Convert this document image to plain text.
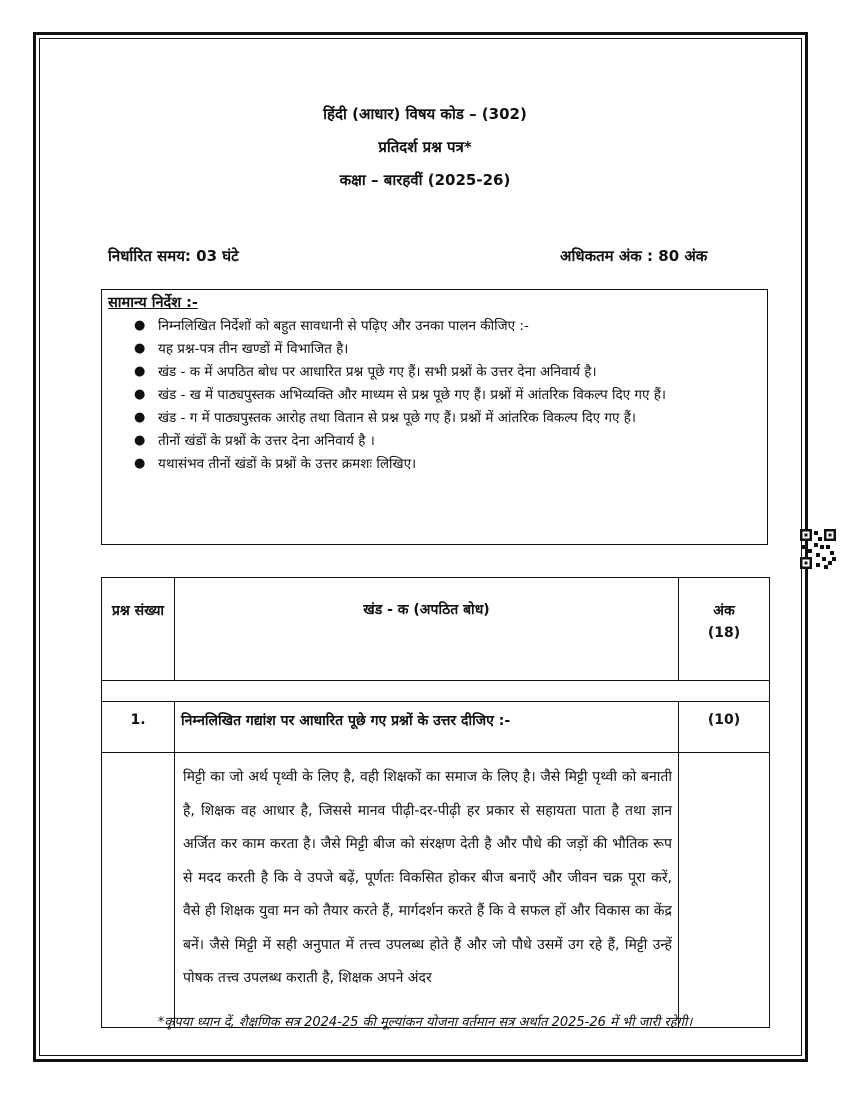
हिंदी (आधार) विषय कोड – (302)
प्रतिदर्श प्रश्न पत्र*
कक्षा – बारहवीं (2025-26)
निर्धारित समय: 03 घंटे	अधिकतम अंक : 80 अंक
सामान्य निर्देश :-
● निम्नलिखित निर्देशों को बहुत सावधानी से पढ़िए और उनका पालन कीजिए :-
● यह प्रश्न-पत्र तीन खण्डों में विभाजित है।
● खंड - क में अपठित बोध पर आधारित प्रश्न पूछे गए हैं। सभी प्रश्नों के उत्तर देना अनिवार्य है।
● खंड - ख में पाठ्यपुस्तक अभिव्यक्ति और माध्यम से प्रश्न पूछे गए हैं। प्रश्नों में आंतरिक विकल्प दिए गए हैं।
● खंड - ग में पाठ्यपुस्तक आरोह तथा वितान से प्रश्न पूछे गए हैं। प्रश्नों में आंतरिक विकल्प दिए गए हैं।
● तीनों खंडों के प्रश्नों के उत्तर देना अनिवार्य है ।
● यथासंभव तीनों खंडों के प्रश्नों के उत्तर क्रमशः लिखिए।
प्रश्न संख्या	खंड - क (अपठित बोध)	अंक
(18)

1.	निम्नलिखित गद्यांश पर आधारित पूछे गए प्रश्नों के उत्तर दीजिए :-	(10)

	मिट्टी का जो अर्थ पृथ्वी के लिए है, वही शिक्षकों का समाज के लिए है। जैसे मिट्टी पृथ्वी को बनाती है, शिक्षक वह आधार है, जिससे मानव पीढ़ी-दर-पीढ़ी हर प्रकार से सहायता पाता है तथा ज्ञान अर्जित कर काम करता है। जैसे मिट्टी बीज को संरक्षण देती है और पौधे की जड़ों की भौतिक रूप से मदद करती है कि वे उपजे बढ़ें, पूर्णतः विकसित होकर बीज बनाएँ और जीवन चक्र पूरा करें, वैसे ही शिक्षक युवा मन को तैयार करते हैं, मार्गदर्शन करते हैं कि वे सफल हों और विकास का केंद्र बनें। जैसे मिट्टी में सही अनुपात में तत्त्व उपलब्ध होते हैं और जो पौधे उसमें उग रहे हैं, मिट्टी उन्हें पोषक तत्त्व उपलब्ध कराती है, शिक्षक अपने अंदर	

*कृपया ध्यान दें, शैक्षणिक सत्र 2024-25 की मूल्यांकन योजना वर्तमान सत्र अर्थात 2025-26 में भी जारी रहेगी।
